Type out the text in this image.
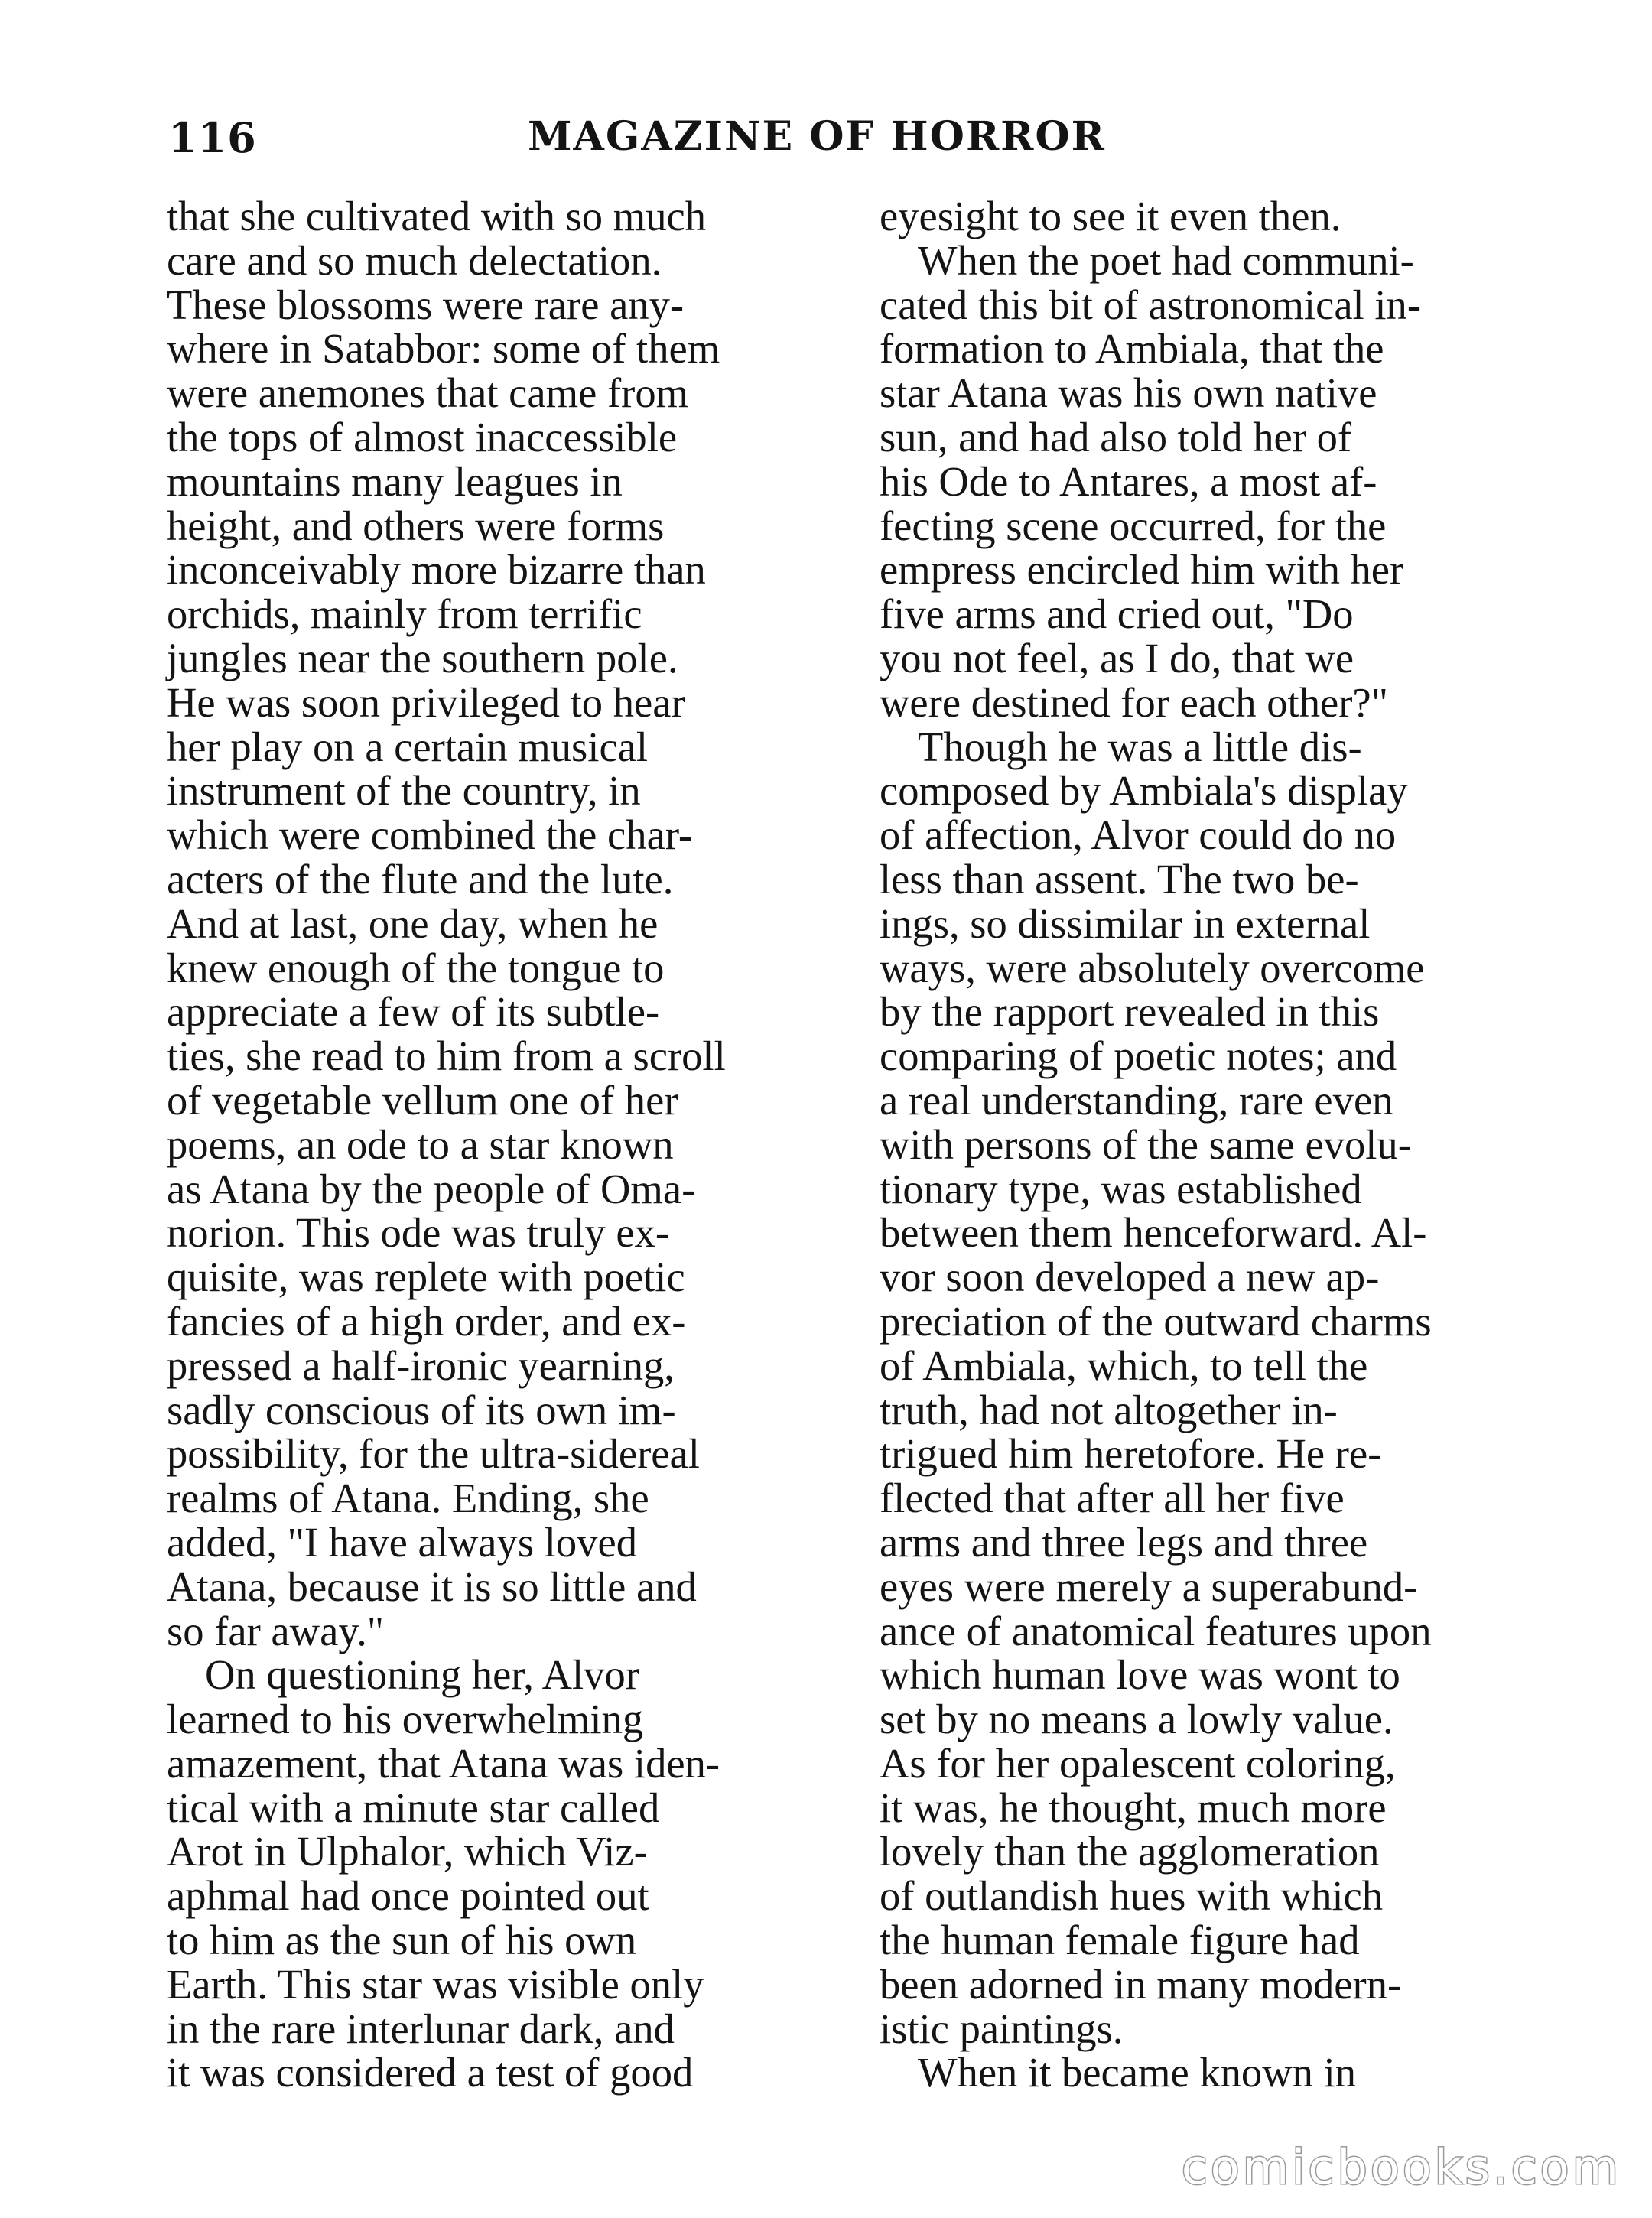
116	MAGAZINE OF HORROR
that she cultivated with so much
care and so much delectation.
These blossoms were rare any-
where in Satabbor: some of them
were anemones that came from
the tops of almost inaccessible
mountains many leagues in
height, and others were forms
inconceivably more bizarre than
orchids, mainly from terrific
jungles near the southern pole.
He was soon privileged to hear
her play on a certain musical
instrument of the country, in
which were combined the char-
acters of the flute and the lute.
And at last, one day, when he
knew enough of the tongue to
appreciate a few of its subtle-
ties, she read to him from a scroll
of vegetable vellum one of her
poems, an ode to a star known
as Atana by the people of Oma-
norion. This ode was truly ex-
quisite, was replete with poetic
fancies of a high order, and ex-
pressed a half-ironic yearning,
sadly conscious of its own im-
possibility, for the ultra-sidereal
realms of Atana. Ending, she
added, "I have always loved
Atana, because it is so little and
so far away."
On questioning her, Alvor
learned to his overwhelming
amazement, that Atana was iden-
tical with a minute star called
Arot in Ulphalor, which Viz-
aphmal had once pointed out
to him as the sun of his own
Earth. This star was visible only
in the rare interlunar dark, and
it was considered a test of good
eyesight to see it even then.
When the poet had communi-
cated this bit of astronomical in-
formation to Ambiala, that the
star Atana was his own native
sun, and had also told her of
his Ode to Antares, a most af-
fecting scene occurred, for the
empress encircled him with her
five arms and cried out, "Do
you not feel, as I do, that we
were destined for each other?"
Though he was a little dis-
composed by Ambiala's display
of affection, Alvor could do no
less than assent. The two be-
ings, so dissimilar in external
ways, were absolutely overcome
by the rapport revealed in this
comparing of poetic notes; and
a real understanding, rare even
with persons of the same evolu-
tionary type, was established
between them henceforward. Al-
vor soon developed a new ap-
preciation of the outward charms
of Ambiala, which, to tell the
truth, had not altogether in-
trigued him heretofore. He re-
flected that after all her five
arms and three legs and three
eyes were merely a superabund-
ance of anatomical features upon
which human love was wont to
set by no means a lowly value.
As for her opalescent coloring,
it was, he thought, much more
lovely than the agglomeration
of outlandish hues with which
the human female figure had
been adorned in many modern-
istic paintings.
When it became known in
comicbooks.com
